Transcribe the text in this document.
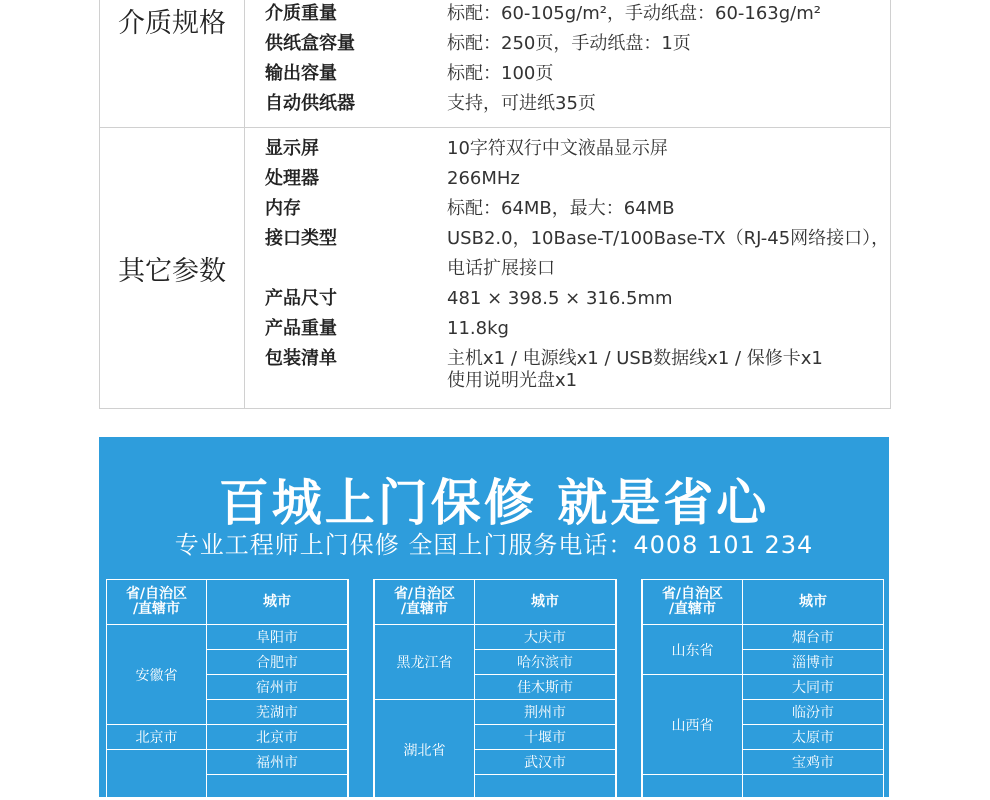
介质规格	介质重量	标配：60-105g/m²，手动纸盘：60-163g/m²
供纸盒容量	标配：250页，手动纸盘：1页
输出容量	标配：100页
自动供纸器	支持，可进纸35页
其它参数
显示屏	10字符双行中文液晶显示屏
处理器	266MHz
内存	标配：64MB，最大：64MB
接口类型	USB2.0，10Base-T/100Base-TX（RJ-45网络接口），
电话扩展接口
产品尺寸	481 × 398.5 × 316.5mm
产品重量	11.8kg
包装清单	主机x1 / 电源线x1 / USB数据线x1 / 保修卡x1
使用说明光盘x1
百城上门保修 就是省心
专业工程师上门保修 全国上门服务电话：4008 101 234
省/自治区
/直辖市	城市
安徽省	阜阳市
	合肥市
	宿州市
	芜湖市
北京市	北京市
	福州市

省/自治区
/直辖市	城市
黑龙江省	大庆市
	哈尔滨市
	佳木斯市
湖北省	荆州市
	十堰市
	武汉市

省/自治区
/直辖市	城市
山东省	烟台市
	淄博市
山西省	大同市
	临汾市
	太原市
	宝鸡市
